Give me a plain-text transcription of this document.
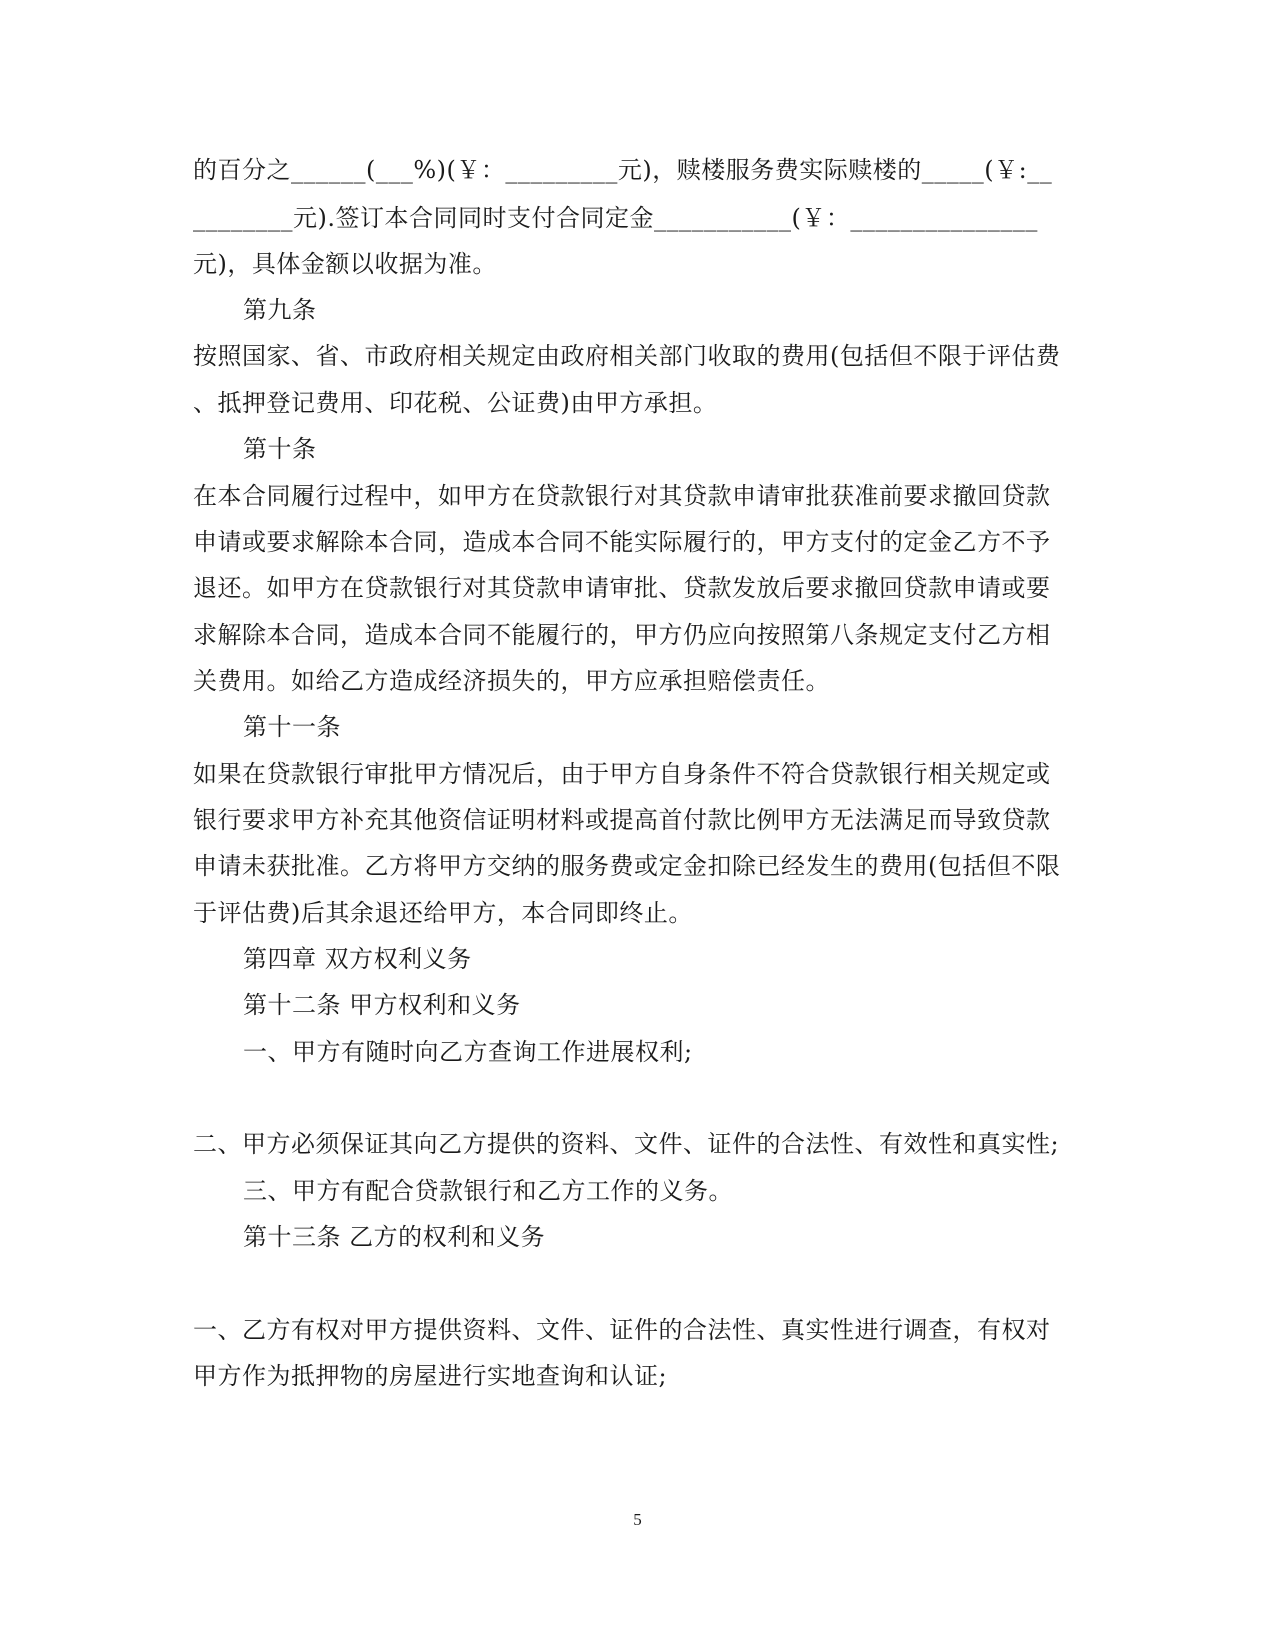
的百分之______(___%)(￥：_________元)，赎楼服务费实际赎楼的_____(￥:__
________元).签订本合同同时支付合同定金___________(￥：_______________
元)，具体金额以收据为准。
第九条
按照国家、省、市政府相关规定由政府相关部门收取的费用(包括但不限于评估费
、抵押登记费用、印花税、公证费)由甲方承担。
第十条
在本合同履行过程中，如甲方在贷款银行对其贷款申请审批获准前要求撤回贷款
申请或要求解除本合同，造成本合同不能实际履行的，甲方支付的定金乙方不予
退还。如甲方在贷款银行对其贷款申请审批、贷款发放后要求撤回贷款申请或要
求解除本合同，造成本合同不能履行的，甲方仍应向按照第八条规定支付乙方相
关费用。如给乙方造成经济损失的，甲方应承担赔偿责任。
第十一条
如果在贷款银行审批甲方情况后，由于甲方自身条件不符合贷款银行相关规定或
银行要求甲方补充其他资信证明材料或提高首付款比例甲方无法满足而导致贷款
申请未获批准。乙方将甲方交纳的服务费或定金扣除已经发生的费用(包括但不限
于评估费)后其余退还给甲方，本合同即终止。
第四章 双方权利义务
第十二条 甲方权利和义务
一、甲方有随时向乙方查询工作进展权利;
二、甲方必须保证其向乙方提供的资料、文件、证件的合法性、有效性和真实性;
三、甲方有配合贷款银行和乙方工作的义务。
第十三条 乙方的权利和义务
一、乙方有权对甲方提供资料、文件、证件的合法性、真实性进行调查，有权对
甲方作为抵押物的房屋进行实地查询和认证;
5
